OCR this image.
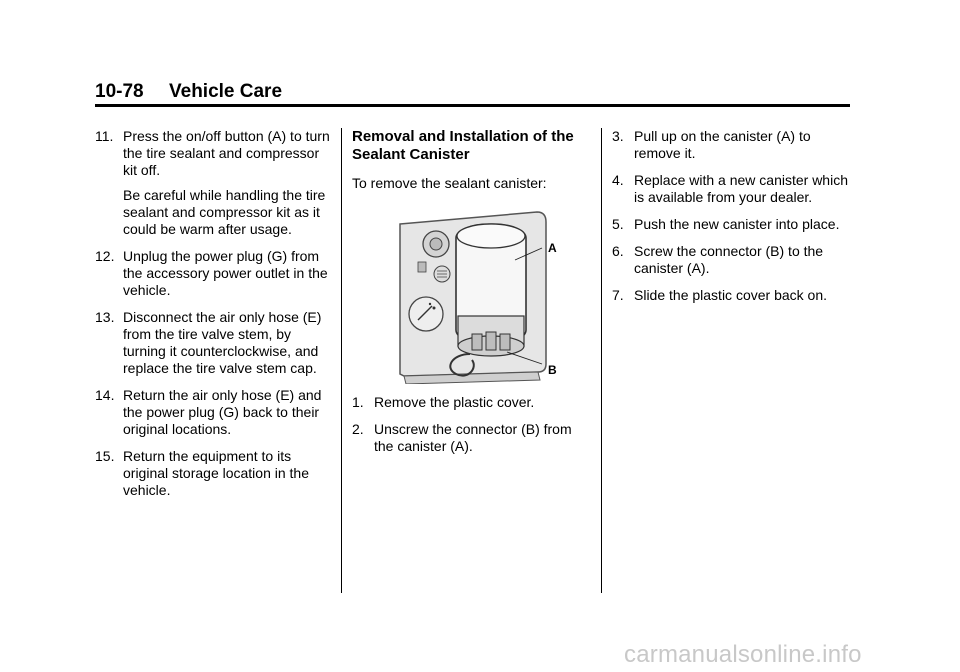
10-78 Vehicle Care
11. Press the on/off button (A) to turn the tire sealant and compressor kit off.
Be careful while handling the tire sealant and compressor kit as it could be warm after usage.
12. Unplug the power plug (G) from the accessory power outlet in the vehicle.
13. Disconnect the air only hose (E) from the tire valve stem, by turning it counterclockwise, and replace the tire valve stem cap.
14. Return the air only hose (E) and the power plug (G) back to their original locations.
15. Return the equipment to its original storage location in the vehicle.
Removal and Installation of the Sealant Canister
To remove the sealant canister:
A
B
1. Remove the plastic cover.
2. Unscrew the connector (B) from the canister (A).
3. Pull up on the canister (A) to remove it.
4. Replace with a new canister which is available from your dealer.
5. Push the new canister into place.
6. Screw the connector (B) to the canister (A).
7. Slide the plastic cover back on.
carmanualsonline.info
